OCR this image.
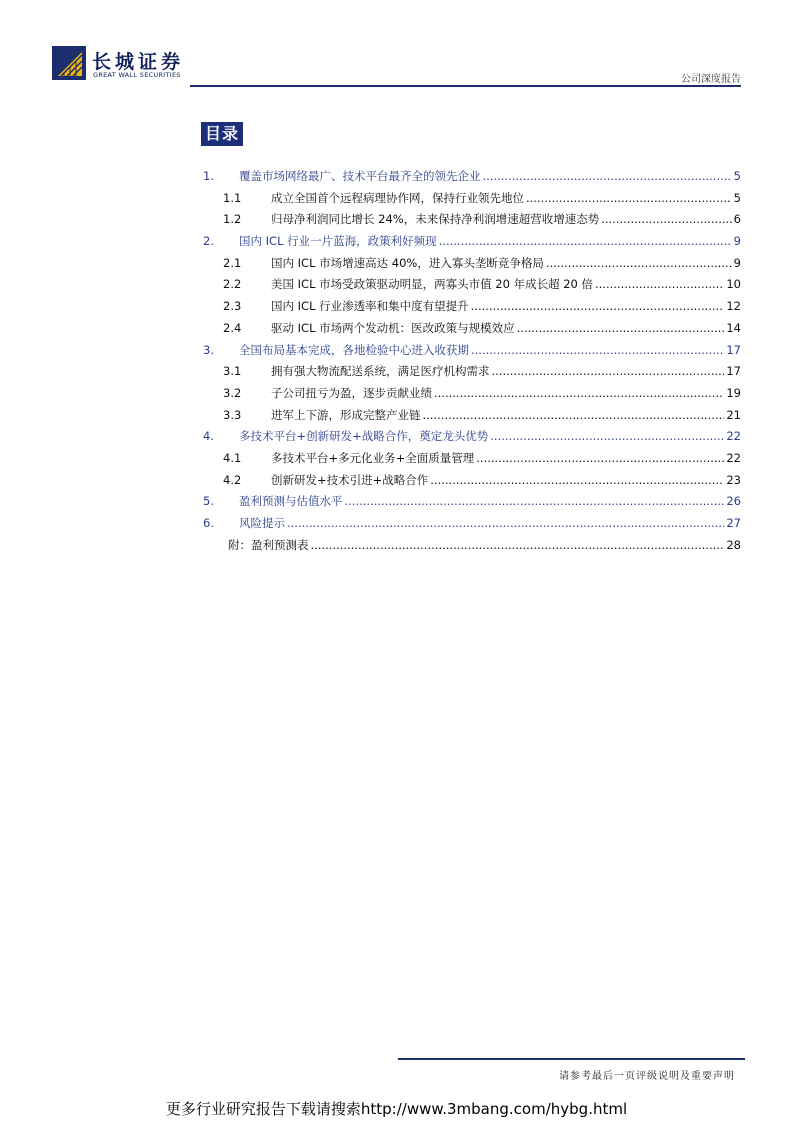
长城证券
GREAT WALL SECURITIES	公司深度报告
目录
1.	覆盖市场网络最广、技术平台最齐全的领先企业 .....	5
1.1	成立全国首个远程病理协作网，保持行业领先地位 .....	5
1.2	归母净利润同比增长 24%，未来保持净利润增速超营收增速态势 .....	6
2.	国内 ICL 行业一片蓝海，政策利好频现 .....	9
2.1	国内 ICL 市场增速高达 40%，进入寡头垄断竞争格局 .....	9
2.2	美国 ICL 市场受政策驱动明显，两寡头市值 20 年成长超 20 倍 .....	10
2.3	国内 ICL 行业渗透率和集中度有望提升 .....	12
2.4	驱动 ICL 市场两个发动机：医改政策与规模效应 .....	14
3.	全国布局基本完成，各地检验中心进入收获期 .....	17
3.1	拥有强大物流配送系统，满足医疗机构需求 .....	17
3.2	子公司扭亏为盈，逐步贡献业绩 .....	19
3.3	进军上下游，形成完整产业链 .....	21
4.	多技术平台+创新研发+战略合作，奠定龙头优势 .....	22
4.1	多技术平台+多元化业务+全面质量管理 .....	22
4.2	创新研发+技术引进+战略合作 .....	23
5.	盈利预测与估值水平 .....	26
6.	风险提示 .....	27
附：盈利预测表 .....	28
请参考最后一页评级说明及重要声明
更多行业研究报告下载请搜索http://www.3mbang.com/hybg.html
